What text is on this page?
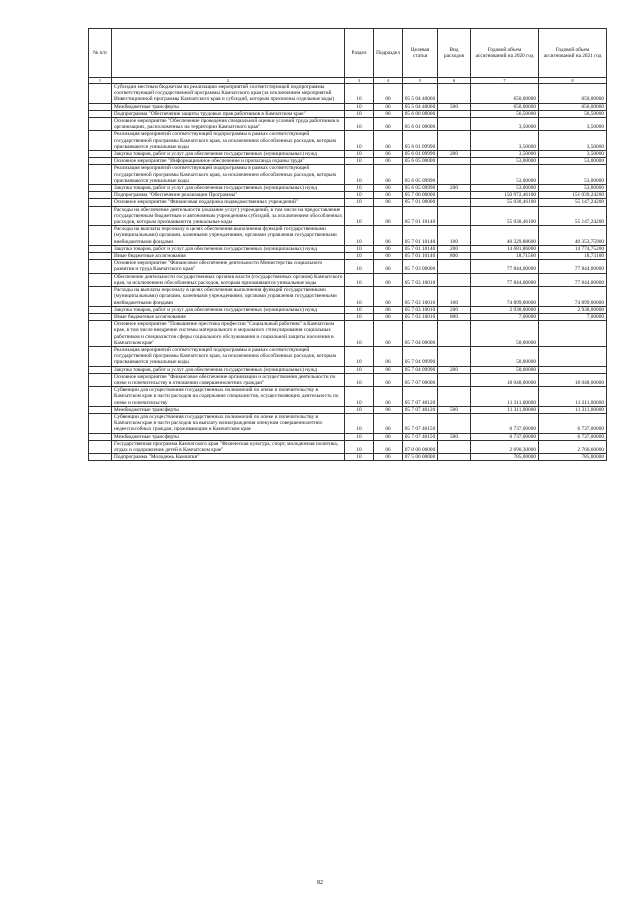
№ п/п		Раздел	Подраздел	Целевая статья	Вид расходов	Годовой объем ассигнований на 2020 год	Годовой объем ассигнований на 2021 год
1	2	3	4	5	6	7	8
	Субсидии местным бюджетам на реализацию мероприятий соответствующей подпрограммы соответствующей государственной программы Камчатского края (за исключением мероприятий Инвестиционной программы Камчатского края и субсидий, которым присвоены отдельные коды)	10	06	05 5 04 40060		650,00000	650,00000
	Межбюджетные трансферты	10	06	05 5 04 40060	500	650,00000	650,00000
	Подпрограмма "Обеспечение защиты трудовых прав работников в Камчатском крае"	10	06	05 6 00 00000		56,50000	56,50000
	Основное мероприятие "Обеспечение проведения специальной оценки условий труда работников в организациях, расположенных на территории Камчатского края"	10	06	05 6 01 00000		3,50000	3,50000
	Реализация мероприятий соответствующей подпрограммы в рамках соответствующей государственной программы Камчатского края, за исключением обособленных расходов, которым присваиваются уникальные коды	10	06	05 6 01 09990		3,50000	3,50000
	Закупка товаров, работ и услуг для обеспечения государственных (муниципальных) нужд	10	06	05 6 01 09990	200	3,50000	3,50000
	Основное мероприятие "Информационное обеспечение и пропаганда охраны труда"	10	06	05 6 05 00000		53,00000	53,00000
	Реализация мероприятий соответствующей подпрограммы в рамках соответствующей государственной программы Камчатского края, за исключением обособленных расходов, которым присваиваются уникальные коды	10	06	05 6 05 09990		53,00000	53,00000
	Закупка товаров, работ и услуг для обеспечения государственных (муниципальных) нужд	10	06	05 6 05 09990	200	53,00000	53,00000
	Подпрограмма "Обеспечение реализации Программы"	10	06	05 7 00 00000		150 972,46100	151 039,24200
	Основное мероприятие "Финансовая поддержка подведомственных учреждений"	10	06	05 7 01 00000		55 030,46100	55 147,24200
	Расходы на обеспечение деятельности (оказание услуг) учреждений, в том числе на предоставление государственным бюджетным и автономным учреждениям субсидий, за исключением обособленных расходов, которым присваиваются уникальные коды	10	06	05 7 01 10140		55 030,46100	55 147,24200
	Расходы на выплаты персоналу в целях обеспечения выполнения функций государственными (муниципальными) органами, казенными учреждениями, органами управления государственными внебюджетными фондами	10	06	05 7 01 10140	100	40 329,88600	40 353,75900
	Закупка товаров, работ и услуг для обеспечения государственных (муниципальных) нужд	10	06	05 7 01 10140	200	14 681,86000	14 774,75200
	Иные бюджетные ассигнования	10	06	05 7 01 10140	800	18,71500	18,73100
	Основное мероприятие "Финансовое обеспечение деятельности Министерства социального развития и труда Камчатского края"	10	06	05 7 03 00000		77 844,00000	77 844,00000
	Обеспечение деятельности государственных органов власти (государственных органов) Камчатского края, за исключением обособленных расходов, которым присваиваются уникальные коды	10	06	05 7 03 10010		77 844,00000	77 844,00000
	Расходы на выплаты персоналу в целях обеспечения выполнения функций государственными (муниципальными) органами, казенными учреждениями, органами управления государственными внебюджетными фондами	10	06	05 7 03 10010	100	74 899,00000	74 899,00000
	Закупка товаров, работ и услуг для обеспечения государственных (муниципальных) нужд	10	06	05 7 03 10010	200	2 938,00000	2 938,00000
	Иные бюджетные ассигнования	10	06	05 7 03 10010	800	7,00000	7,00000
	Основное мероприятие "Повышение престижа профессии "Социальный работник" в Камчатском крае, в том числе внедрение системы материального и морального стимулирования социальных работников и специалистов сферы социального обслуживания и социальной защиты населения в Камчатском крае"	10	06	05 7 04 00000		50,00000	
	Реализация мероприятий соответствующей подпрограммы в рамках соответствующей государственной программы Камчатского края, за исключением обособленных расходов, которым присваиваются уникальные коды	10	06	05 7 04 09990		50,00000	
	Закупка товаров, работ и услуг для обеспечения государственных (муниципальных) нужд	10	06	05 7 04 09990	200	50,00000	
	Основное мероприятие "Финансовое обеспечение организации и осуществления деятельности по опеке и попечительству в отношении совершеннолетних граждан"	10	06	05 7 07 00000		18 048,00000	18 048,00000
	Субвенции для осуществления государственных полномочий по опеке и попечительству в Камчатском крае в части расходов на содержание специалистов, осуществляющих деятельность по опеке и попечительству	10	06	05 7 07 40120		11 311,00000	11 311,00000
	Межбюджетные трансферты	10	06	05 7 07 40120	500	11 311,00000	11 311,00000
	Субвенции для осуществления государственных полномочий по опеке и попечительству в Камчатском крае в части расходов на выплату вознаграждения опекунам совершеннолетних недееспособных граждан, проживающим в Камчатском крае	10	06	05 7 07 40150		6 737,00000	6 737,00000
	Межбюджетные трансферты	10	06	05 7 07 40150	500	6 737,00000	6 737,00000
	Государственная программа Камчатского края "Физическая культура, спорт, молодежная политика, отдых и оздоровление детей в Камчатском крае"	10	06	07 0 00 00000		2 690,30000	2 766,60000
	Подпрограмма "Молодежь Камчатки"	10	06	07 5 00 00000		785,00000	785,00000
82
